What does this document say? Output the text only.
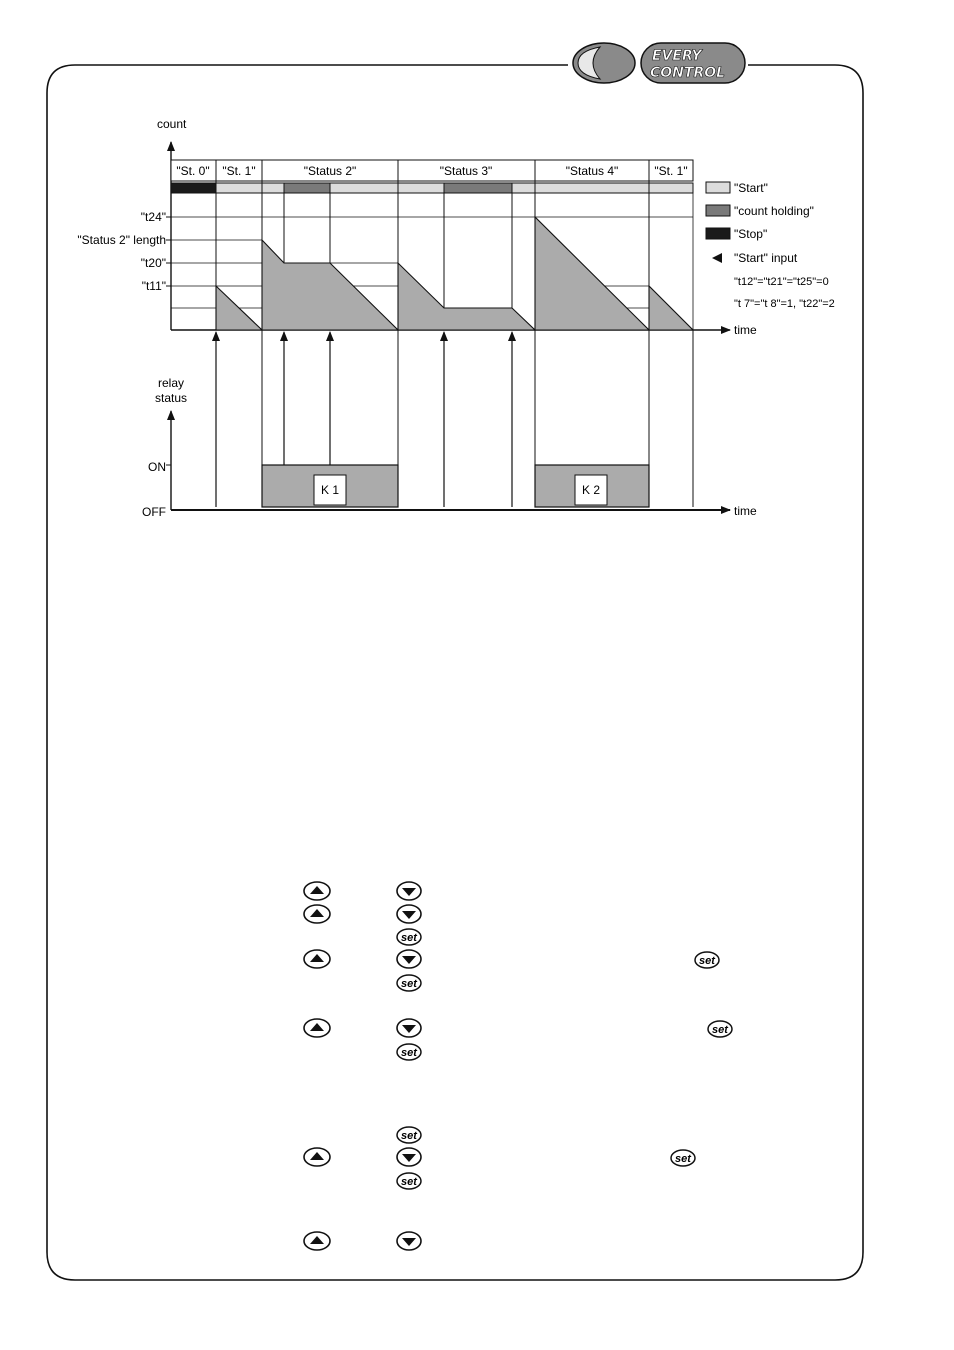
EVERY
CONTROL
count
time
"St. 0" "St. 1"	"Status 2"	"Status 3"	"Status 4"	"St. 1"
"t24"
"Status 2" length
"t20"
"t11"
"Start"
"count holding"
"Stop"
"Start" input
"t12"="t21"="t25"=0
"t 7"="t 8"=1, "t22"=2
relay
status
time
ON
OFF
K 1	K 2
set
set
set
set
set
set
set
set
